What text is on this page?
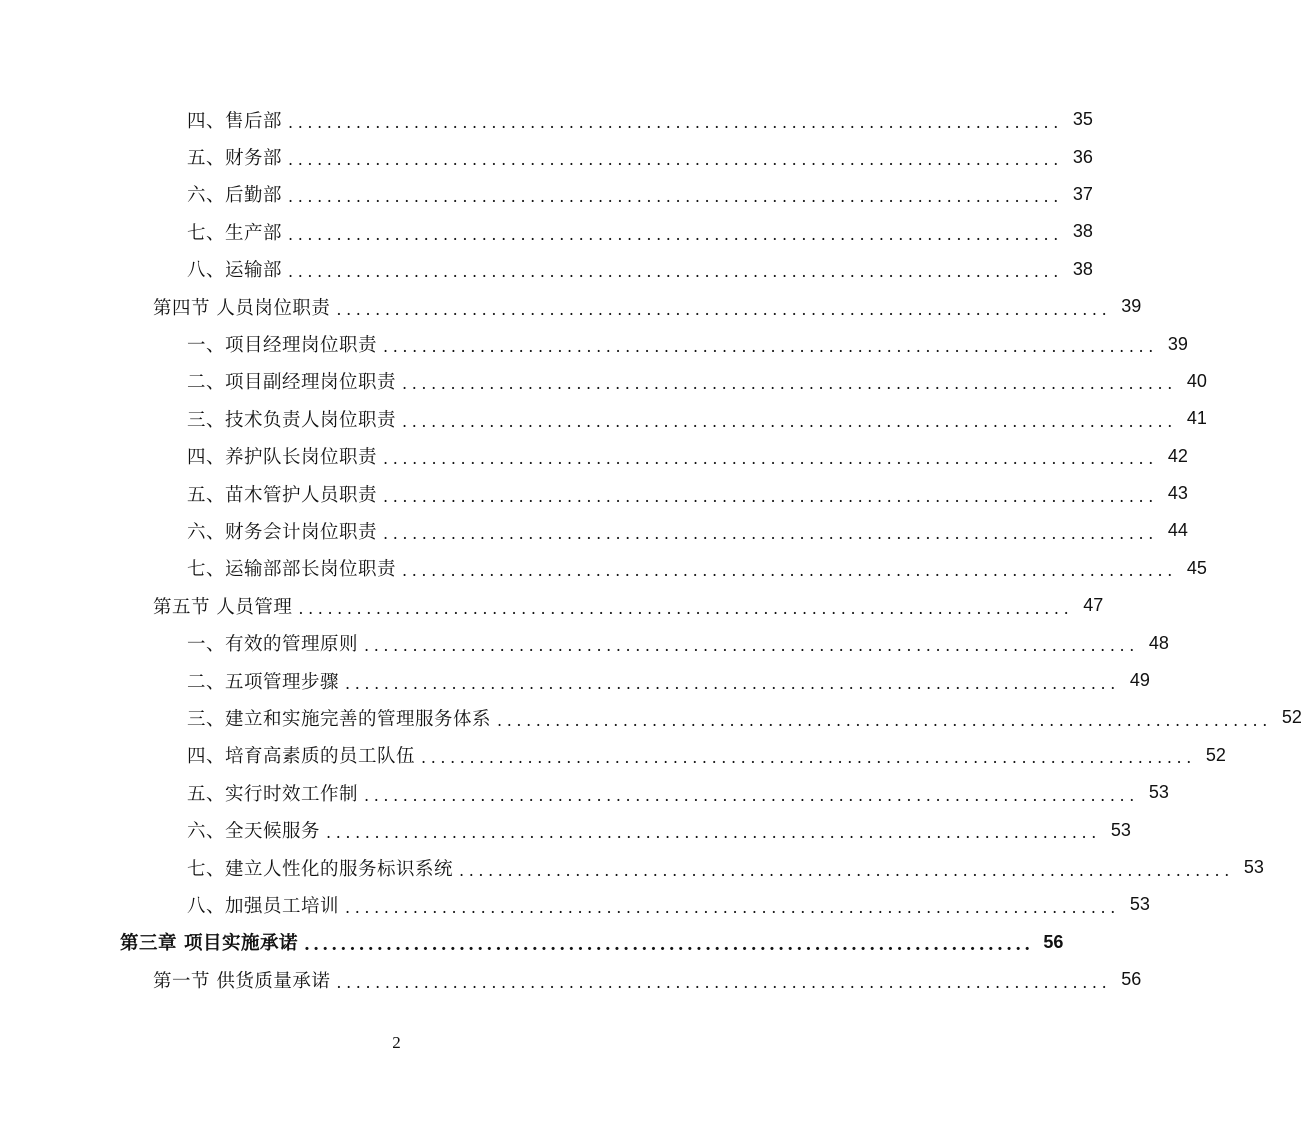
四、售后部 ................................................................................ 35
五、财务部 ................................................................................ 36
六、后勤部 ................................................................................ 37
七、生产部 ................................................................................ 38
八、运输部 ................................................................................ 38
第四节 人员岗位职责 ................................................................................ 39
一、项目经理岗位职责 ................................................................................ 39
二、项目副经理岗位职责 ................................................................................ 40
三、技术负责人岗位职责 ................................................................................ 41
四、养护队长岗位职责 ................................................................................ 42
五、苗木管护人员职责 ................................................................................ 43
六、财务会计岗位职责 ................................................................................ 44
七、运输部部长岗位职责 ................................................................................ 45
第五节 人员管理 ................................................................................ 47
一、有效的管理原则 ................................................................................ 48
二、五项管理步骤 ................................................................................ 49
三、建立和实施完善的管理服务体系 ................................................................................ 52
四、培育高素质的员工队伍 ................................................................................ 52
五、实行时效工作制 ................................................................................ 53
六、全天候服务 ................................................................................ 53
七、建立人性化的服务标识系统 ................................................................................ 53
八、加强员工培训 ................................................................................ 53
第三章 项目实施承诺 ................................................................................ 56
第一节 供货质量承诺 ................................................................................ 56
2
